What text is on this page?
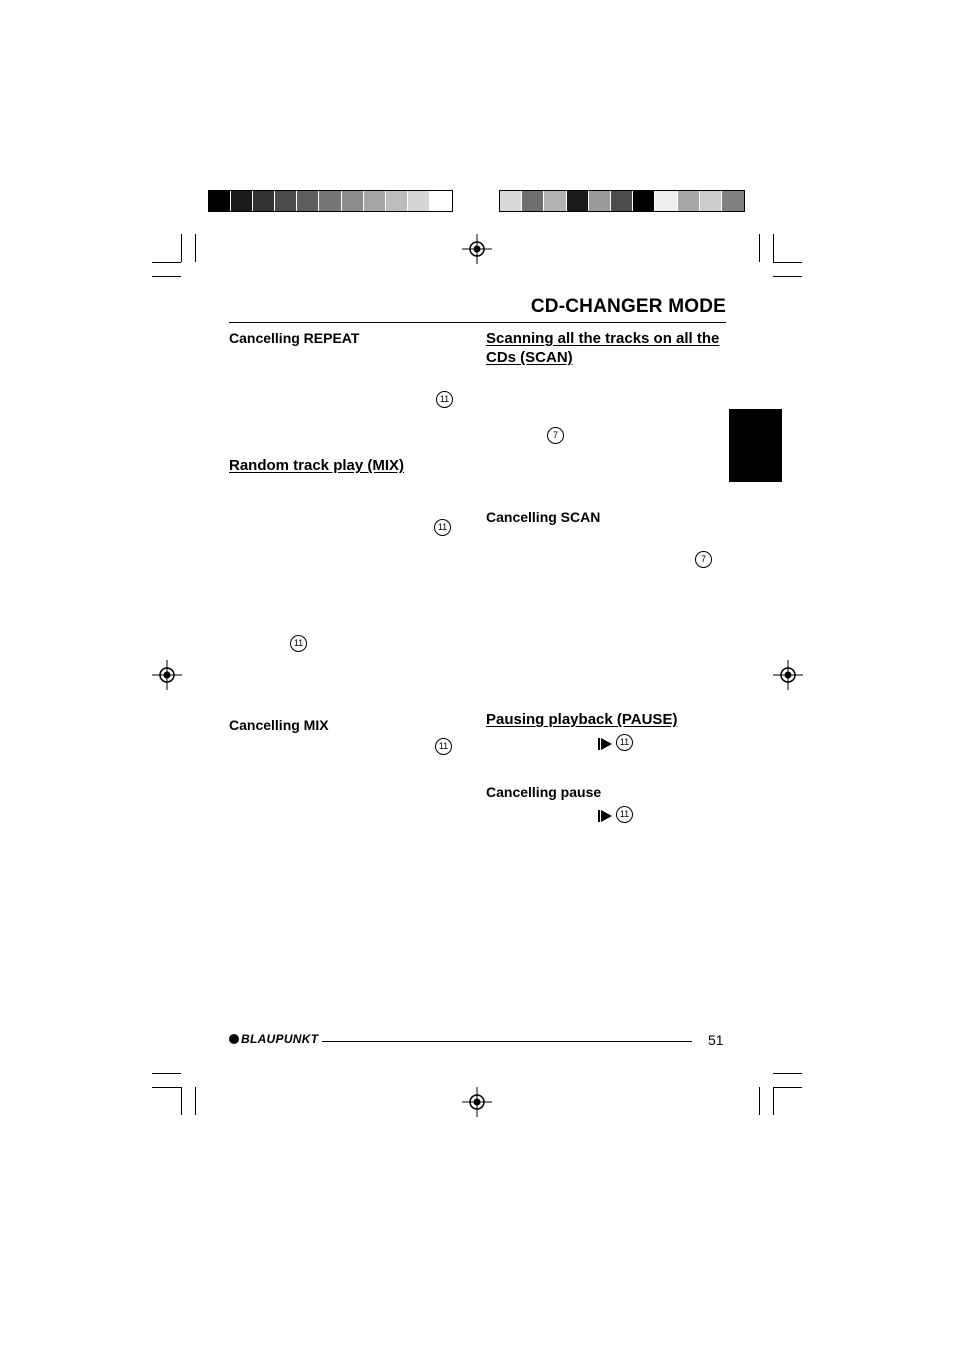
CD-CHANGER MODE
Cancelling REPEAT
11
Random track play (MIX)
11
11
Cancelling MIX
11
Scanning all the tracks on all the
CDs (SCAN)
7
Cancelling SCAN
7
Pausing playback (PAUSE)
11
Cancelling pause
11
BLAUPUNKT	51
